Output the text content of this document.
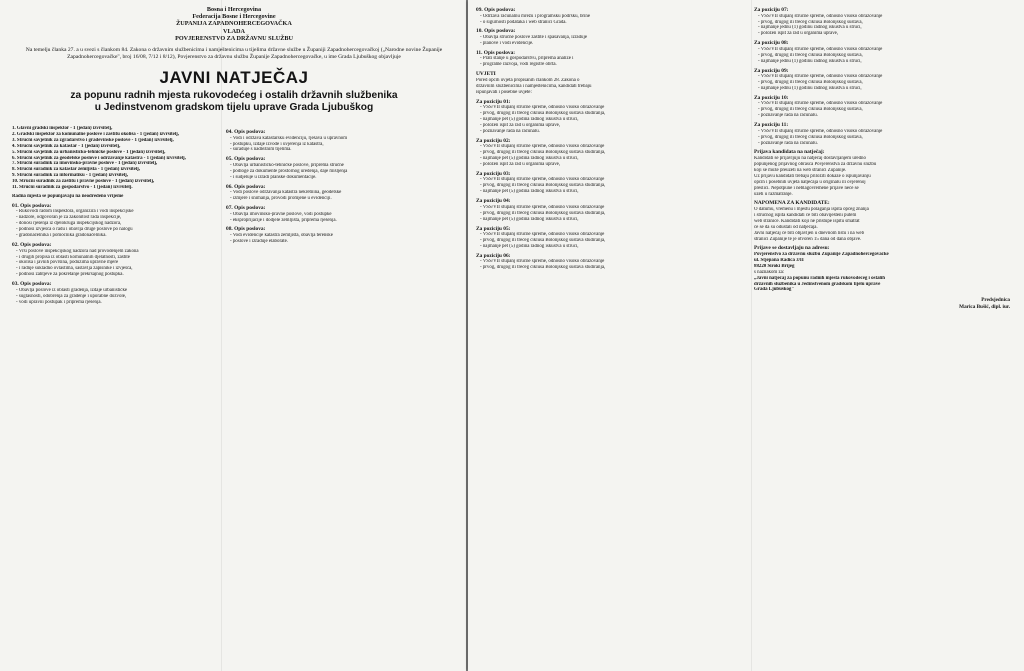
Bosna i Hercegovina
Federacija Bosne i Hercegovine
ŽUPANIJA ZAPADNOHERCEGOVAČKA
VLADA
POVJERENSTVO ZA DRŽAVNU SLUŽBU
Na temelju članka 27. a u svezi s člankom 84. Zakona o državnim službenicima i namještenicima u tijelima državne službe u Županiji Zapadnohercegovačkoj („Narodne novine Županije Zapadnohercegovačke", broj 16/08, 7/12 i 8/12), Povjerenstvo za državnu službu Županije Zapadnohercegovačke, u ime Grada Ljubuškog objavljuje
JAVNI NATJEČAJ
za popunu radnih mjesta rukovodećeg i ostalih državnih službenika
u Jedinstvenom gradskom tijelu uprave Grada Ljubuškog
1. Glavni gradski inspektor - 1 (jedan) izvršitelj,
2. Gradski inspektor za komunalne poslove i zaštitu okoliša - 1 (jedan) izvršitelj,
3. Stručni savjetnik za zgradarstvo i građevinske poslove - 1 (jedan) izvršitelj,
4. Stručni savjetnik za katastar - 1 (jedan) izvršitelj,
5. Stručni savjetnik za urbanističko-tehničke poslove - 1 (jedan) izvršitelj,
6. Stručni savjetnik za geodetske poslove i održavanje katastra - 1 (jedan) izvršitelj,
7. Stručni suradnik za imovinsko-pravne poslove - 1 (jedan) izvršitelj,
8. Stručni suradnik za katastar zemljišta - 1 (jedan) izvršitelj,
9. Stručni suradnik za informatiku - 1 (jedan) izvršitelj,
10. Stručni suradnik za zaštitu i pravne poslove - 1 (jedan) izvršitelj,
11. Stručni suradnik za gospodarstvo - 1 (jedan) izvršitelj.
Radna mjesta se popunjavaju na neodređeno vrijeme
01. Opis poslova:
- Rukovodi radom inspektora, organizira i vodi inspekcijske
- nadzore, odgovoran je za zakonitost rada inspekcije,
- donosi rješenja iz djelokruga inspekcijskog nadzora,
- podnosi izvješća o radu i obavlja druge poslove po nalogu
- gradonačelnika i pomoćnika gradonačelnika.
02. Opis poslova:
- Vrši poslove inspekcijskog nadzora nad provođenjem zakona
- i drugih propisa iz oblasti komunalnih djelatnosti, zaštite
- okoliša i javnih površina, poduzima upravne mjere
- i radnje sukladno ovlastima, sastavlja zapisnike i izvješća,
- podnosi zahtjeve za pokretanje prekršajnog postupka.
03. Opis poslova:
- Obavlja poslove iz oblasti građenja, izdaje urbanističke
- suglasnosti, odobrenja za građenje i uporabne dozvole,
- vodi upravni postupak i priprema rješenja.
04. Opis poslova:
- Vodi i održava katastarsku evidenciju, rješava u upravnom
- postupku, izdaje izvode i uvjerenja iz katastra,
- surađuje s nadležnim tijelima.
05. Opis poslova:
- Obavlja urbanističko-tehničke poslove, priprema stručne
- podloge za dokumente prostornog uređenja, daje mišljenja
- i sudjeluje u izradi planske dokumentacije.
06. Opis poslova:
- Vodi poslove održavanja katastra nekretnina, geodetske
- izmjere i snimanja, provodi promjene u evidenciji.
07. Opis poslova:
- Obavlja imovinsko-pravne poslove, vodi postupke
- eksproprijacije i dodjele zemljišta, priprema rješenja.
08. Opis poslova:
- Vodi evidencije katastra zemljišta, obavlja terenske
- poslove i izrađuje elaborate.
09. Opis poslova:
- Održava računalnu mrežu i programsku podršku, brine
- o sigurnosti podataka i web stranici Grada.
10. Opis poslova:
- Obavlja stručne poslove zaštite i spašavanja, izrađuje
- planove i vodi evidencije.
11. Opis poslova:
- Prati stanje u gospodarstvu, priprema analize i
- programe razvoja, vodi registre obrta.
UVJETI
Pored općih uvjeta propisanih člankom 28. Zakona o
državnim službenicima i namještenicima, kandidati trebaju
ispunjavati i posebne uvjete:
Za poziciju 01:
- VSS/VII stupanj stručne spreme, odnosno visoko obrazovanje
- prvog, drugog ili trećeg ciklusa Bolonjskog sustava studiranja,
- najmanje pet (5) godina radnog iskustva u struci,
- položen ispit za rad u organima uprave,
- poznavanje rada na računalu.
Za poziciju 02:
- VSS/VII stupanj stručne spreme, odnosno visoko obrazovanje
- prvog, drugog ili trećeg ciklusa Bolonjskog sustava studiranja,
- najmanje pet (5) godina radnog iskustva u struci,
- položen ispit za rad u organima uprave,
Za poziciju 03:
- VSS/VII stupanj stručne spreme, odnosno visoko obrazovanje
- prvog, drugog ili trećeg ciklusa Bolonjskog sustava studiranja,
- najmanje pet (5) godina radnog iskustva u struci,
Za poziciju 04:
- VSS/VII stupanj stručne spreme, odnosno visoko obrazovanje
- prvog, drugog ili trećeg ciklusa Bolonjskog sustava studiranja,
- najmanje pet (5) godina radnog iskustva u struci,
Za poziciju 05:
- VSS/VII stupanj stručne spreme, odnosno visoko obrazovanje
- prvog, drugog ili trećeg ciklusa Bolonjskog sustava studiranja,
- najmanje pet (5) godina radnog iskustva u struci,
Za poziciju 06:
- VSS/VII stupanj stručne spreme, odnosno visoko obrazovanje
- prvog, drugog ili trećeg ciklusa Bolonjskog sustava studiranja,
Za poziciju 07:
- VSS/VII stupanj stručne spreme, odnosno visoko obrazovanje
- prvog, drugog ili trećeg ciklusa Bolonjskog sustava,
- najmanje jednu (1) godinu radnog iskustva u struci,
- položen ispit za rad u organima uprave,
Za poziciju 08:
- VSS/VII stupanj stručne spreme, odnosno visoko obrazovanje
- prvog, drugog ili trećeg ciklusa Bolonjskog sustava,
- najmanje jednu (1) godinu radnog iskustva u struci,
Za poziciju 09:
- VSS/VII stupanj stručne spreme, odnosno visoko obrazovanje
- prvog, drugog ili trećeg ciklusa Bolonjskog sustava,
- najmanje jednu (1) godinu radnog iskustva u struci,
Za poziciju 10:
- VSS/VII stupanj stručne spreme, odnosno visoko obrazovanje
- prvog, drugog ili trećeg ciklusa Bolonjskog sustava,
- poznavanje rada na računalu.
Za poziciju 11:
- VSS/VII stupanj stručne spreme, odnosno visoko obrazovanje
- prvog, drugog ili trećeg ciklusa Bolonjskog sustava,
- poznavanje rada na računalu.
Prijava kandidata na natječaj:
Kandidati se prijavljuju na natječaj dostavljanjem uredno
popunjenog prijavnog obrasca Povjerenstva za državnu službu
koji se može preuzeti na web stranici Županije.
Uz prijavu kandidati trebaju priložiti dokaze o ispunjavanju
općih i posebnih uvjeta natječaja u originalu ili ovjerenoj
preslici. Nepotpune i neblagovremene prijave neće se
uzeti u razmatranje.
NAPOMENA ZA KANDIDATE:
O datumu, vremenu i mjestu polaganja ispita općeg znanja
i stručnog ispita kandidati će biti obaviješteni putem
web stranice. Kandidati koji ne pristupe ispitu smatrat
će se da su odustali od natječaja.
Javni natječaj će biti objavljen u dnevnom listu i na web
stranici Županije te je otvoren 15 dana od dana objave.
Prijave se dostavljaju na adresu:
Povjerenstvo za državnu službu Županije Zapadnohercegovačke
ul. Stjepana Radića 3/II
88220 Široki Brijeg
s naznakom za:
„Javni natječaj za popunu radnih mjesta rukovodećeg i ostalih
državnih službenika u Jedinstvenom gradskom tijelu uprave
Grada Ljubuškog"
Predsjednica
Marica Bušić, dipl. iur.
